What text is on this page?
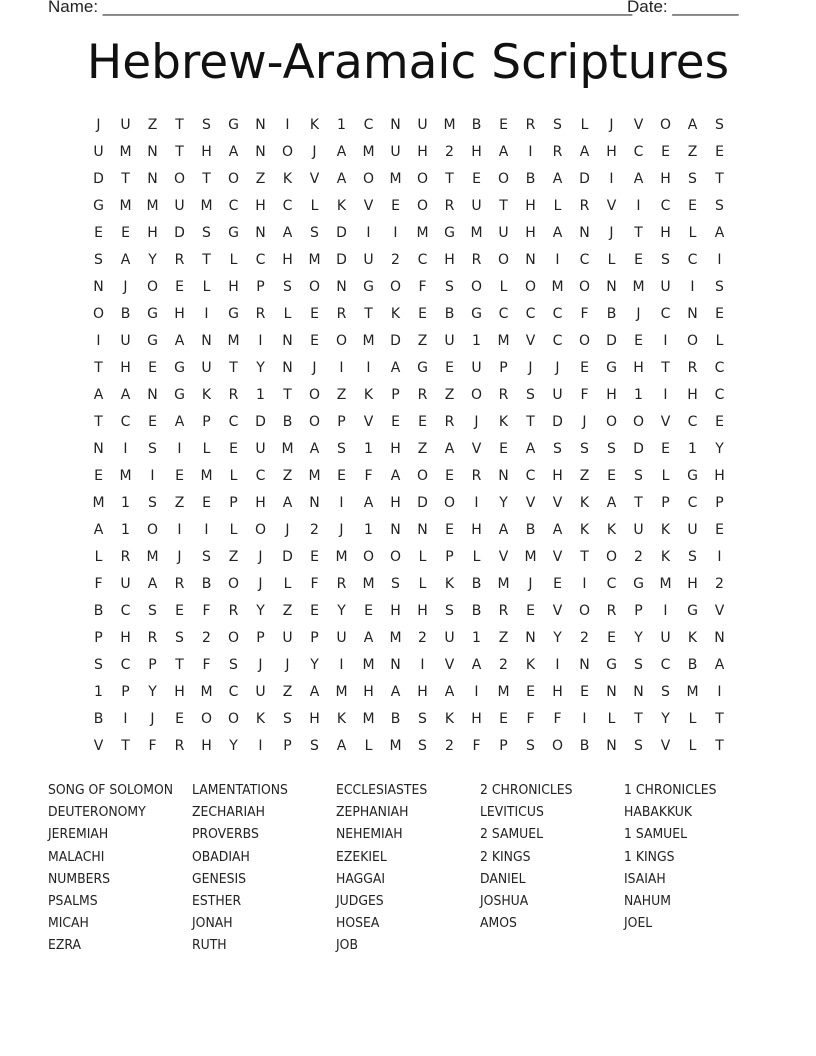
Name: ________________________________________________________
Date: _______
Hebrew-Aramaic Scriptures
J	U	Z	T	S	G	N	I	K	1	C	N	U	M	B	E	R	S	L	J	V	O	A	S
U	M	N	T	H	A	N	O	J	A	M	U	H	2	H	A	I	R	A	H	C	E	Z	E
D	T	N	O	T	O	Z	K	V	A	O	M	O	T	E	O	B	A	D	I	A	H	S	T
G	M	M	U	M	C	H	C	L	K	V	E	O	R	U	T	H	L	R	V	I	C	E	S
E	E	H	D	S	G	N	A	S	D	I	I	M	G	M	U	H	A	N	J	T	H	L	A
S	A	Y	R	T	L	C	H	M	D	U	2	C	H	R	O	N	I	C	L	E	S	C	I
N	J	O	E	L	H	P	S	O	N	G	O	F	S	O	L	O	M	O	N	M	U	I	S
O	B	G	H	I	G	R	L	E	R	T	K	E	B	G	C	C	C	F	B	J	C	N	E
I	U	G	A	N	M	I	N	E	O	M	D	Z	U	1	M	V	C	O	D	E	I	O	L
T	H	E	G	U	T	Y	N	J	I	I	A	G	E	U	P	J	J	E	G	H	T	R	C
A	A	N	G	K	R	1	T	O	Z	K	P	R	Z	O	R	S	U	F	H	1	I	H	C
T	C	E	A	P	C	D	B	O	P	V	E	E	R	J	K	T	D	J	O	O	V	C	E
N	I	S	I	L	E	U	M	A	S	1	H	Z	A	V	E	A	S	S	S	D	E	1	Y
E	M	I	E	M	L	C	Z	M	E	F	A	O	E	R	N	C	H	Z	E	S	L	G	H
M	1	S	Z	E	P	H	A	N	I	A	H	D	O	I	Y	V	V	K	A	T	P	C	P
A	1	O	I	I	L	O	J	2	J	1	N	N	E	H	A	B	A	K	K	U	K	U	E
L	R	M	J	S	Z	J	D	E	M	O	O	L	P	L	V	M	V	T	O	2	K	S	I
F	U	A	R	B	O	J	L	F	R	M	S	L	K	B	M	J	E	I	C	G	M	H	2
B	C	S	E	F	R	Y	Z	E	Y	E	H	H	S	B	R	E	V	O	R	P	I	G	V
P	H	R	S	2	O	P	U	P	U	A	M	2	U	1	Z	N	Y	2	E	Y	U	K	N
S	C	P	T	F	S	J	J	Y	I	M	N	I	V	A	2	K	I	N	G	S	C	B	A
1	P	Y	H	M	C	U	Z	A	M	H	A	H	A	I	M	E	H	E	N	N	S	M	I
B	I	J	E	O	O	K	S	H	K	M	B	S	K	H	E	F	F	I	L	T	Y	L	T
V	T	F	R	H	Y	I	P	S	A	L	M	S	2	F	P	S	O	B	N	S	V	L	T
SONG OF SOLOMON	LAMENTATIONS	ECCLESIASTES	2 CHRONICLES	1 CHRONICLES
DEUTERONOMY	ZECHARIAH	ZEPHANIAH	LEVITICUS	HABAKKUK
JEREMIAH	PROVERBS	NEHEMIAH	2 SAMUEL	1 SAMUEL
MALACHI	OBADIAH	EZEKIEL	2 KINGS	1 KINGS
NUMBERS	GENESIS	HAGGAI	DANIEL	ISAIAH
PSALMS	ESTHER	JUDGES	JOSHUA	NAHUM
MICAH	JONAH	HOSEA	AMOS	JOEL
EZRA	RUTH	JOB
